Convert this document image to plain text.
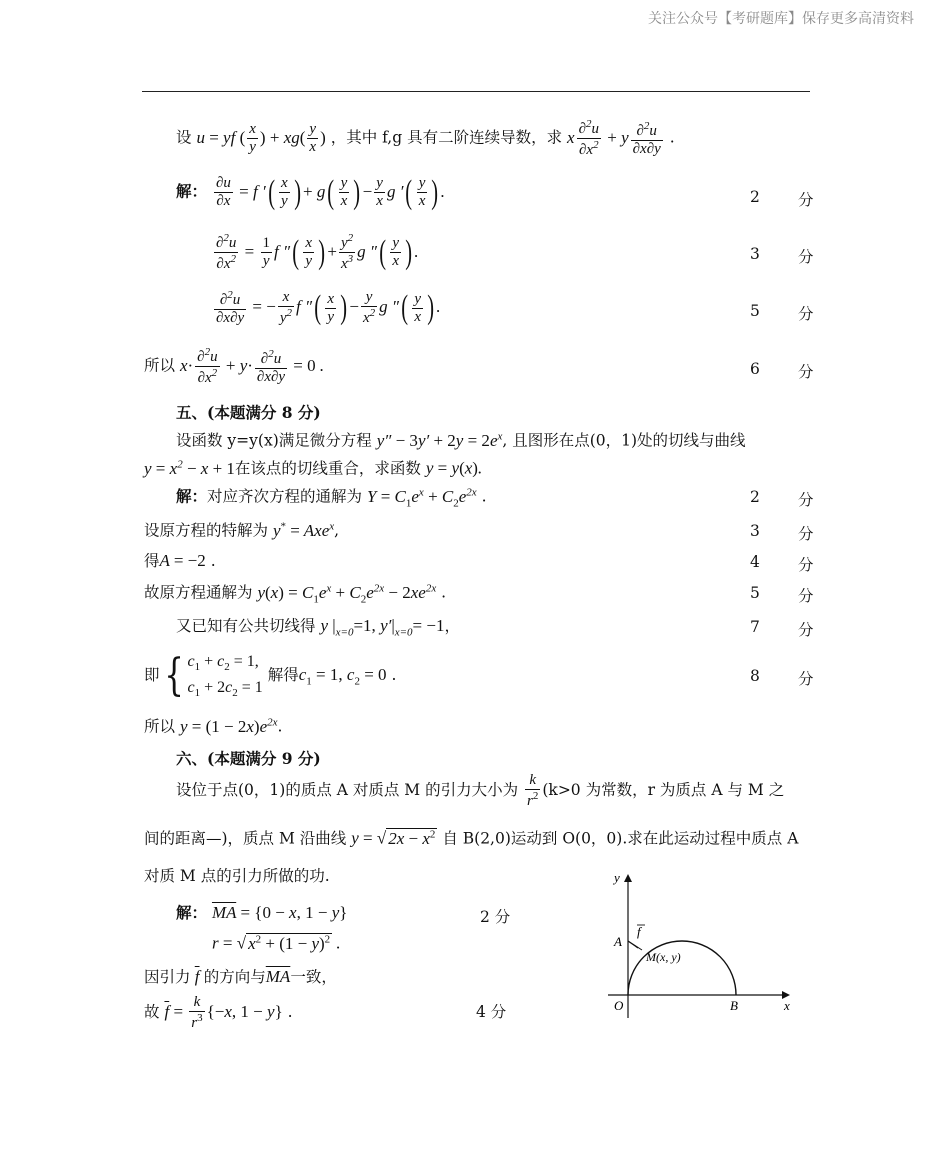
关注公众号【考研题库】保存更多高清资料
设 u = yf ( $\frac{x}{y}$ ) + $xg( \frac{y}{x}$ ) ，其中 f,g 具有二阶连续导数，求 x $\frac{\partial^2u}{\partial x^2} + y \frac{\partial^2u}{\partial x\partial y}$ .
解： $\frac{\partial u}{\partial x} = f$ ′( $\frac{x}{y}$ ) + $g( \frac{y}{x}$ ) − $\frac{y}{x}$ g ′( $\frac{y}{x}$ ) .	2 分
$\frac{\partial^2u}{\partial x^2} = \frac{1}{y}$ f ″( $\frac{x}{y}$ ) + $\frac{y^2}{x^3}$ g ″( $\frac{y}{x}$ ) .	3 分
$\frac{\partial^2u}{\partial x\partial y}$ = − $\frac{x}{y^2}$ f ″( $\frac{x}{y}$ ) − $\frac{y}{x^2}$ g ″( $\frac{y}{x}$ ) .	5 分
所以 $x\cdot \frac{\partial^2u}{\partial x^2} + y\cdot \frac{\partial^2u}{\partial x\partial y} = 0$ .	6 分
五、(本题满分 8 分)
设函数 y=y(x)满足微分方程 $y'' - 3y' + 2y = 2e^x$, 且图形在点(0，1)处的切线与曲线
$y = x^2 - x + 1$在该点的切线重合，求函数 y = y(x).
解：对应齐次方程的通解为 $Y = C_1e^x + C_2e^{2x}$ .	2 分
设原方程的特解为 y* = Axe$^x$,	3 分
得A = −2 .	4 分
故原方程通解为 $y(x) = C_1e^x + C_2e^{2x} - 2xe^{2x}$ .	5 分
又已知有公共切线得 y $|_{x=0}=1$, $y'|_{x=0}= -1$，	7 分
即{ $c_1 + c_2 = 1$,
$c_1 + 2c_2 = 1$ 解得$c_1 = 1$, $c_2 = 0$ .	8 分
所以 $y = (1 - 2x)e^{2x}$.
六、(本题满分 9 分)
设位于点(0，1)的质点 A 对质点 M 的引力大小为 $\frac{k}{r^2} (k>0$ 为常数，r 为质点 A 与 M 之
间的距离—)，质点 M 沿曲线 y = √ $2x - x^2$ 自 B(2,0)运动到 O(0，0).求在此运动过程中质点 A
对质 M 点的引力所做的功.
解： $\overline{MA} = \{0 - x$, 1 − y}	2 分
r = √ $x^2 + (1 - y)^2$ .
因引力 $\overline{f}$ 的方向与$\overline{MA}$一致，
故 $\overline{f} = \frac{k}{r^3} \{-x$, 1 − y} .	4 分
y
x
O	B
A
f
M(x, y)
